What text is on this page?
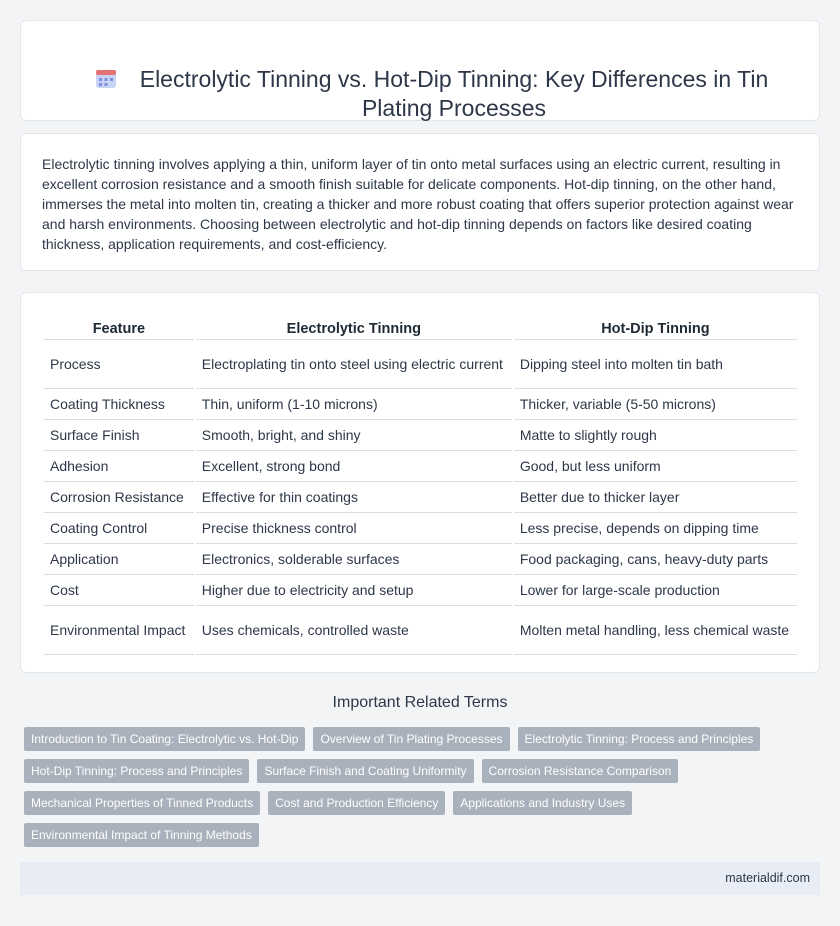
Electrolytic Tinning vs. Hot-Dip Tinning: Key Differences in Tin Plating Processes

Electrolytic tinning involves applying a thin, uniform layer of tin onto metal surfaces using an electric current, resulting in excellent corrosion resistance and a smooth finish suitable for delicate components. Hot-dip tinning, on the other hand, immerses the metal into molten tin, creating a thicker and more robust coating that offers superior protection against wear and harsh environments. Choosing between electrolytic and hot-dip tinning depends on factors like desired coating thickness, application requirements, and cost-efficiency.

Feature	Electrolytic Tinning	Hot-Dip Tinning
Process	Electroplating tin onto steel using electric current	Dipping steel into molten tin bath
Coating Thickness	Thin, uniform (1-10 microns)	Thicker, variable (5-50 microns)
Surface Finish	Smooth, bright, and shiny	Matte to slightly rough
Adhesion	Excellent, strong bond	Good, but less uniform
Corrosion Resistance	Effective for thin coatings	Better due to thicker layer
Coating Control	Precise thickness control	Less precise, depends on dipping time
Application	Electronics, solderable surfaces	Food packaging, cans, heavy-duty parts
Cost	Higher due to electricity and setup	Lower for large-scale production
Environmental Impact	Uses chemicals, controlled waste	Molten metal handling, less chemical waste
Important Related Terms
Introduction to Tin Coating: Electrolytic vs. Hot-Dip	Overview of Tin Plating Processes	Electrolytic Tinning: Process and Principles
Hot-Dip Tinning: Process and Principles	Surface Finish and Coating Uniformity	Corrosion Resistance Comparison
Mechanical Properties of Tinned Products	Cost and Production Efficiency	Applications and Industry Uses
Environmental Impact of Tinning Methods
materialdif.com
